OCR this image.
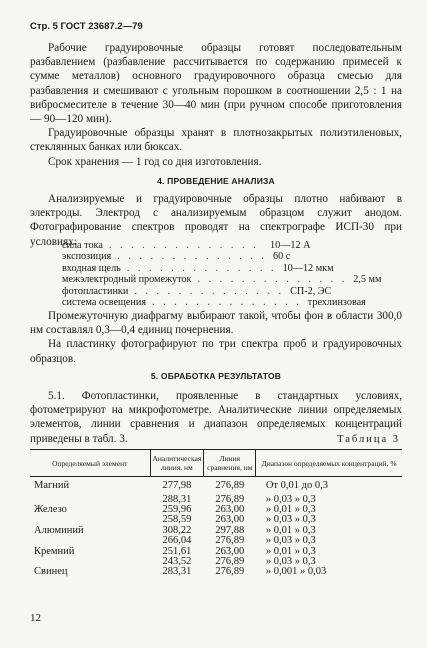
Стр. 5 ГОСТ 23687.2—79

Рабочие градуировочные образцы готовят последовательным разбавлением (разбавление рассчитывается по содержанию примесей к сумме металлов) основного градуировочного образца смесью для разбавления и смешивают с угольным порошком в соотношении 2,5 : 1 на вибросмесителе в течение 30—40 мин (при ручном способе приготовления — 90—120 мин).

Градуировочные образцы хранят в плотнозакрытых полиэтиленовых, стеклянных банках или бюксах.

Срок хранения — 1 год со дня изготовления.

4. ПРОВЕДЕНИЕ АНАЛИЗА

Анализируемые и градуировочные образцы плотно набивают в электроды. Электрод с анализируемым образцом служит анодом. Фотографирование спектров проводят на спектрографе ИСП-30 при условиях:

сила тока . . . . . . . . . . . . . .	10—12 А
экспозиция . . . . . . . . . . . . . . 60 с
входная щель . . . . . . . . . . . . . . 10—12 мкм
межэлектродный промежуток . . . . . . . . . . . . . . 2,5 мм
фотопластинки . . . . . . . . . . . . . . СП-2, ЭС
система освещения . . . . . . . . . . . . . . трехлинзовая

Промежуточную диафрагму выбирают такой, чтобы фон в области 300,0 нм составлял 0,3—0,4 единиц почернения.

На пластинку фотографируют по три спектра проб и градуировочных образцов.

5. ОБРАБОТКА РЕЗУЛЬТАТОВ

5.1. Фотопластинки, проявленные в стандартных условиях, фотометрируют на микрофотометре. Аналитические линии определяемых элементов, линии сравнения и диапазон определяемых концентраций приведены в табл. 3.	Таблица 3
Определяемый элемент	Аналитическая линия, нм	Линия сравнения, нм	Диапазон определяемых концентраций, %
Магний	277,98	276,89	От 0,01 до 0,3
	288,31	276,89	» 0,03 » 0,3
Железо	259,96	263,00	» 0,01 » 0,3
	258,59	263,00	» 0,03 » 0,3
Алюминий	308,22	297,88	» 0,01 » 0,3
	266,04	276,89	» 0,03 » 0,3
Кремний	251,61	263,00	» 0,01 » 0,3
	243,52	276,89	» 0,03 » 0,3
Свинец	283,31	276,89	» 0,001 » 0,03
12
